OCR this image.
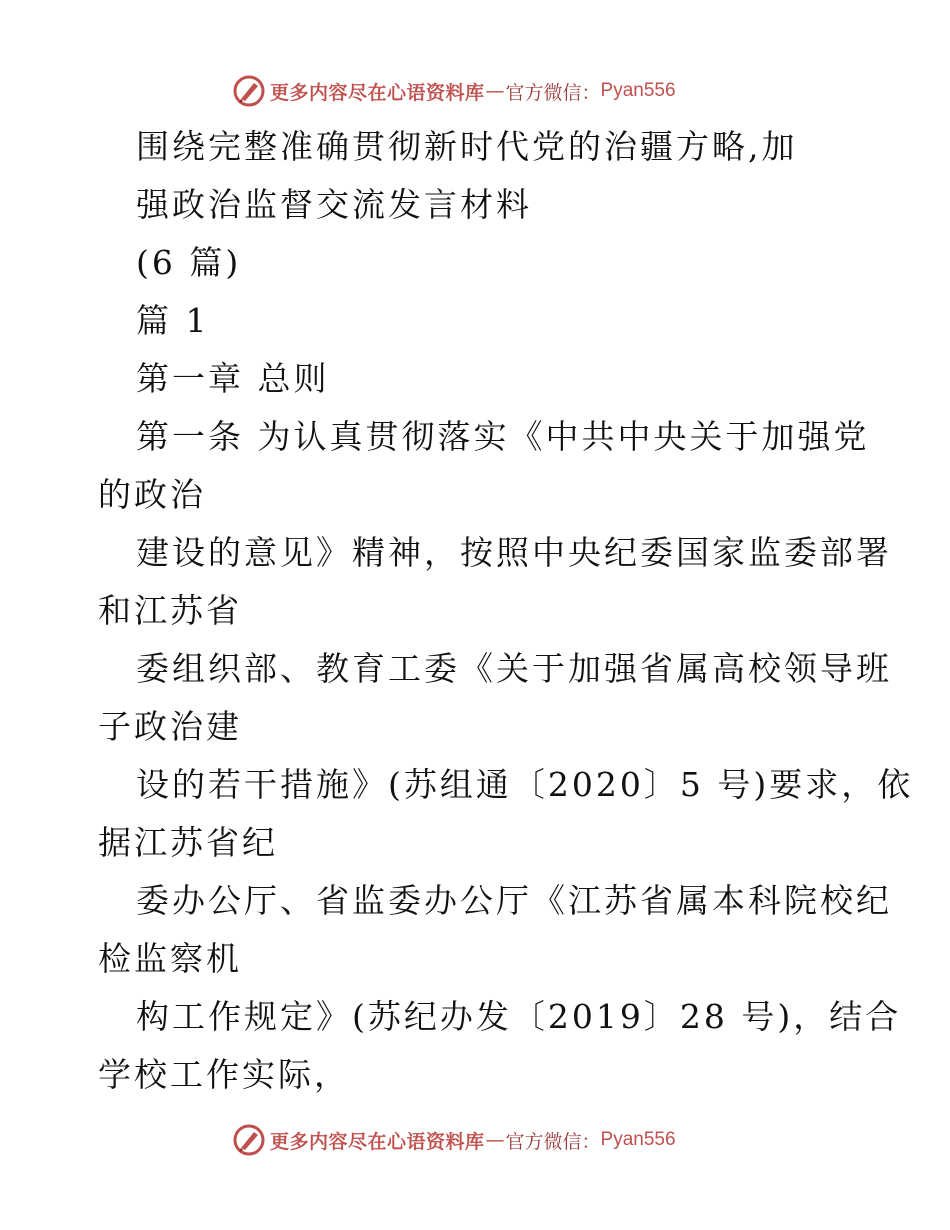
更多内容尽在心语资料库 — 官方微信： Pyan556
围绕完整准确贯彻新时代党的治疆方略,加
强政治监督交流发言材料
(6 篇)
篇 1
第一章 总则
第一条 为认真贯彻落实《中共中央关于加强党
的政治
建设的意见》精神，按照中央纪委国家监委部署
和江苏省
委组织部、教育工委《关于加强省属高校领导班
子政治建
设的若干措施》(苏组通〔2020〕5 号)要求，依
据江苏省纪
委办公厅、省监委办公厅《江苏省属本科院校纪
检监察机
构工作规定》(苏纪办发〔2019〕28 号)，结合
学校工作实际，
更多内容尽在心语资料库 — 官方微信： Pyan556
